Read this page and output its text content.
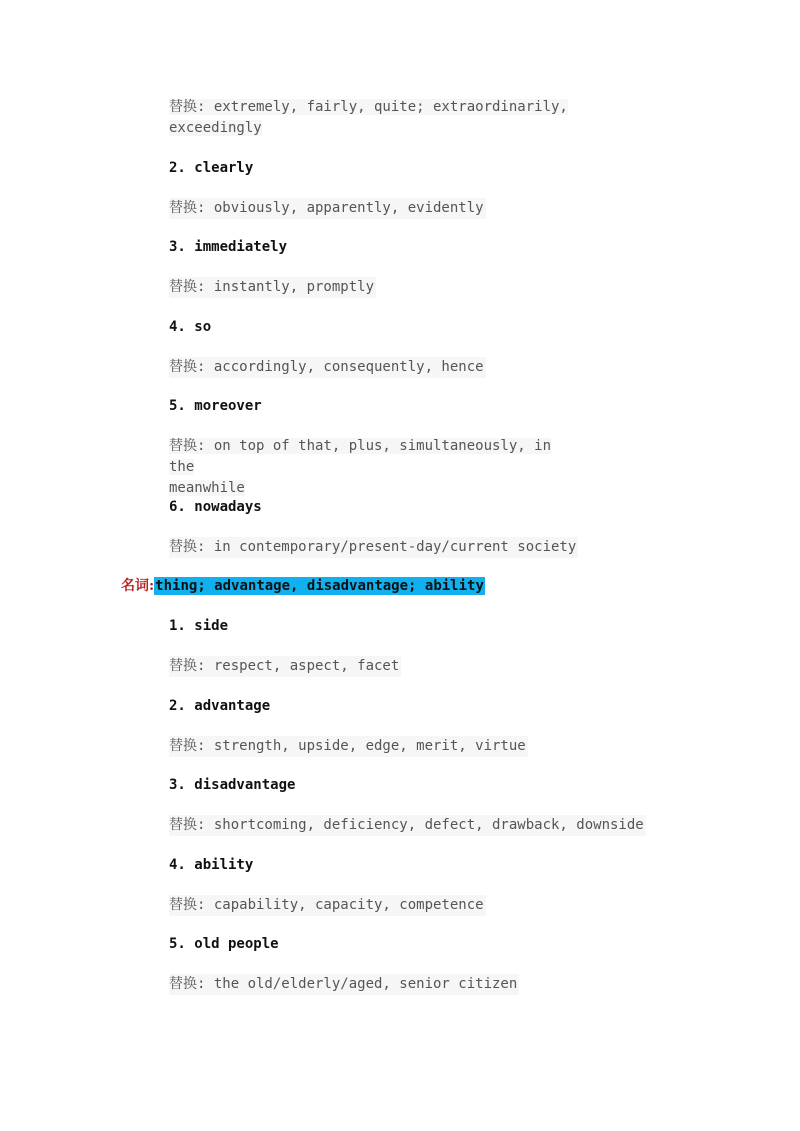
替换: extremely, fairly, quite; extraordinarily,
exceedingly
2. clearly
替换: obviously, apparently, evidently
3. immediately
替换: instantly, promptly
4. so
替换: accordingly, consequently, hence
5. moreover
替换: on top of that, plus, simultaneously, in the
meanwhile
6. nowadays
替换: in contemporary/present-day/current society
名词:thing; advantage, disadvantage; ability
1. side
替换: respect, aspect, facet
2. advantage
替换: strength, upside, edge, merit, virtue
3. disadvantage
替换: shortcoming, deficiency, defect, drawback, downside
4. ability
替换: capability, capacity, competence
5. old people
替换: the old/elderly/aged, senior citizen
